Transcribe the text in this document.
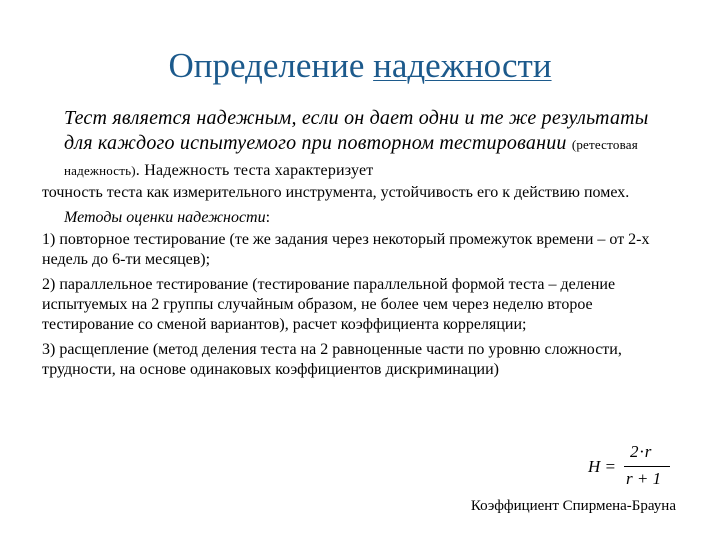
Определение надежности

Тест является надежным, если он дает одни и те же результаты для каждого испытуемого при повторном тестировании (ретестовая надежность). Надежность теста характеризует

точность теста как измерительного инструмента, устойчивость его к действию помех.

Методы оценки надежности:

1) повторное тестирование (те же задания через некоторый промежуток времени – от 2-х недель до 6-ти месяцев);

2) параллельное тестирование (тестирование параллельной формой теста – деление испытуемых на 2 группы случайным образом, не более чем через неделю второе тестирование со сменой вариантов), расчет коэффициента корреляции;

3) расщепление (метод деления теста на 2 равноценные части по уровню сложности, трудности, на основе одинаковых коэффициентов дискриминации)

Н =
2·r
r + 1
Коэффициент Спирмена-Брауна
